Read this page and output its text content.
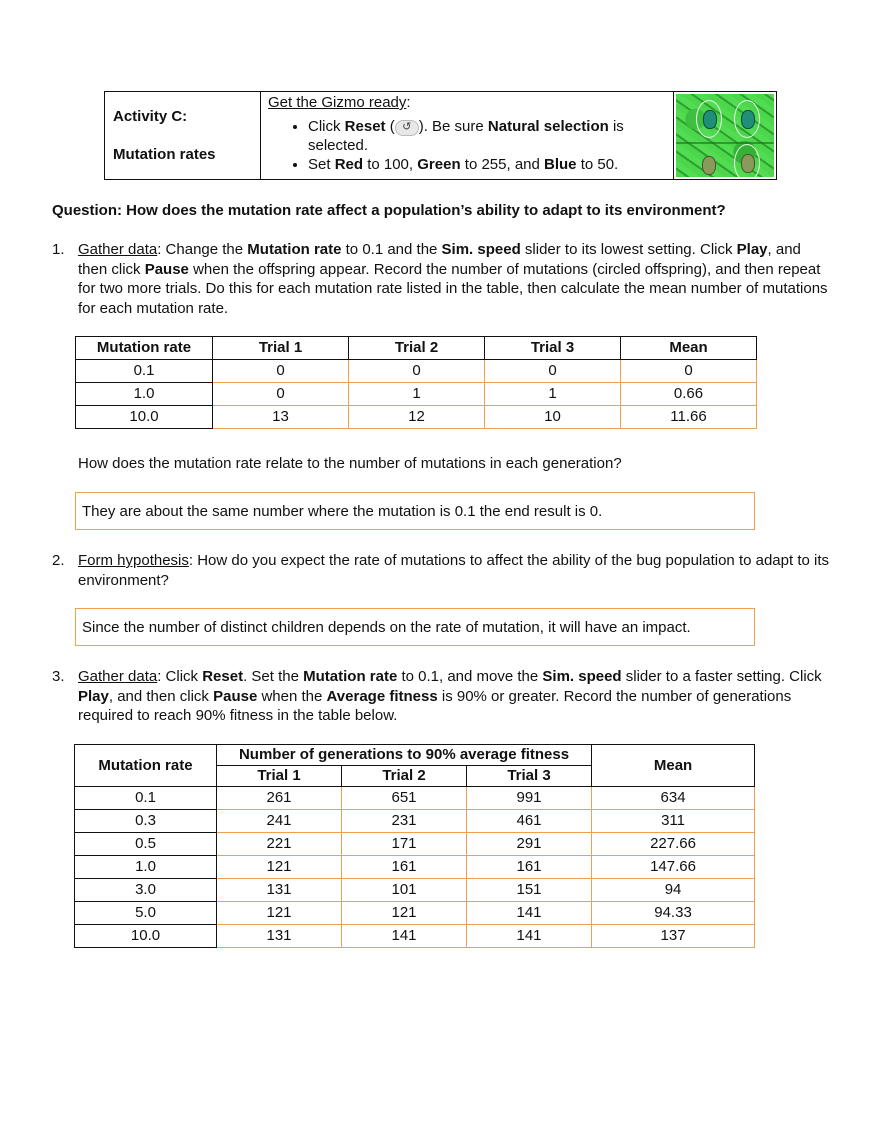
Activity C:
Mutation rates
Get the Gizmo ready:
• Click Reset ( ↺ ). Be sure Natural selection is selected.
• Set Red to 100, Green to 255, and Blue to 50.
Question: How does the mutation rate affect a population’s ability to adapt to its environment?
1. Gather data: Change the Mutation rate to 0.1 and the Sim. speed slider to its lowest setting. Click Play, and then click Pause when the offspring appear. Record the number of mutations (circled offspring), and then repeat for two more trials. Do this for each mutation rate listed in the table, then calculate the mean number of mutations for each mutation rate.
Mutation rate	Trial 1	Trial 2	Trial 3	Mean
0.1	0	0	0	0
1.0	0	1	1	0.66
10.0	13	12	10	11.66
How does the mutation rate relate to the number of mutations in each generation?
They are about the same number where the mutation is 0.1 the end result is 0.
2. Form hypothesis: How do you expect the rate of mutations to affect the ability of the bug population to adapt to its environment?
Since the number of distinct children depends on the rate of mutation, it will have an impact.
3. Gather data: Click Reset. Set the Mutation rate to 0.1, and move the Sim. speed slider to a faster setting. Click Play, and then click Pause when the Average fitness is 90% or greater. Record the number of generations required to reach 90% fitness in the table below.
Mutation rate	Number of generations to 90% average fitness			Mean
	Trial 1	Trial 2	Trial 3	
0.1	261	651	991	634
0.3	241	231	461	311
0.5	221	171	291	227.66
1.0	121	161	161	147.66
3.0	131	101	151	94
5.0	121	121	141	94.33
10.0	131	141	141	137
